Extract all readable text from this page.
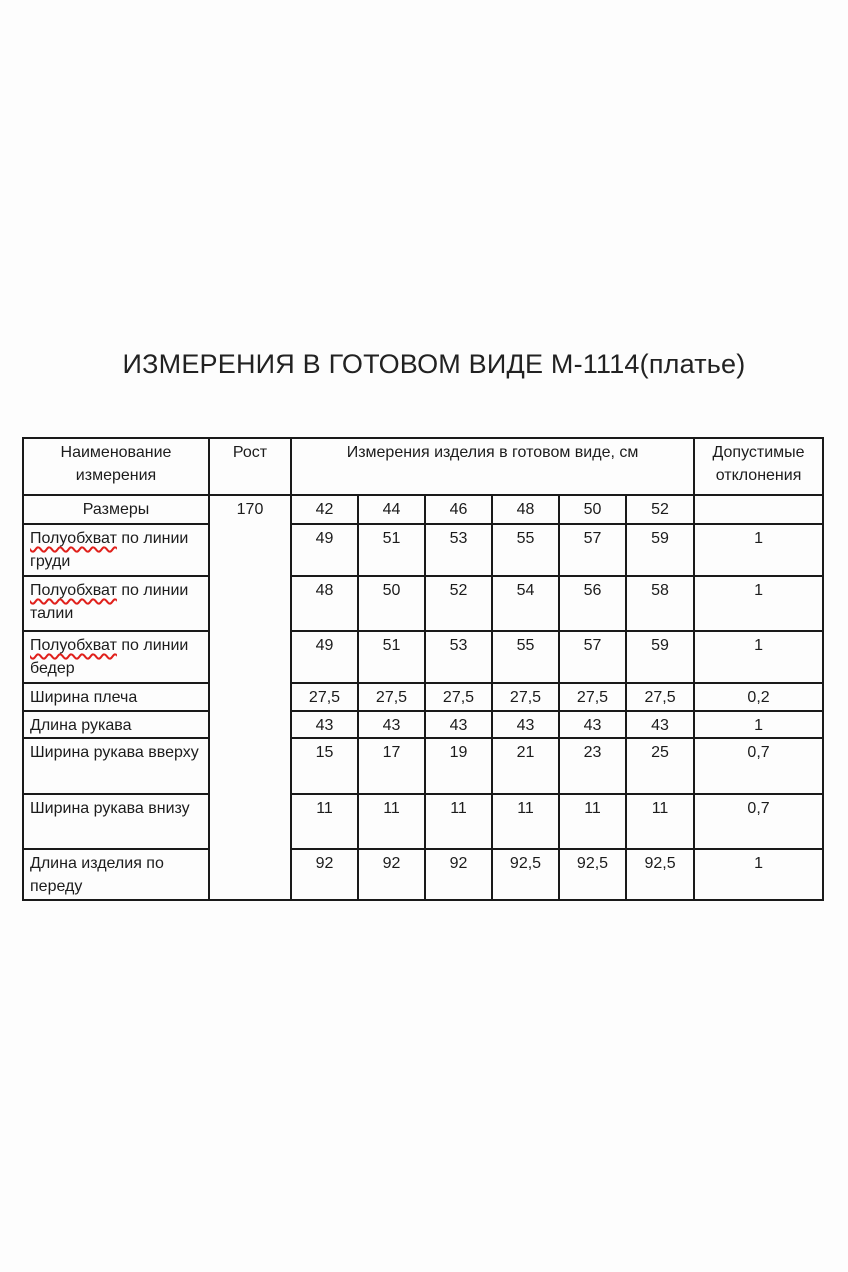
ИЗМЕРЕНИЯ В ГОТОВОМ ВИДЕ М-1114(платье)
Наименование измерения	Рост	Измерения изделия в готовом виде, см						Допустимые отклонения
Размеры	170	42	44	46	48	50	52	
Полуобхват по линии груди		49	51	53	55	57	59	1
Полуобхват по линии талии		48	50	52	54	56	58	1
Полуобхват по линии бедер		49	51	53	55	57	59	1
Ширина плеча		27,5	27,5	27,5	27,5	27,5	27,5	0,2
Длина рукава		43	43	43	43	43	43	1
Ширина рукава вверху		15	17	19	21	23	25	0,7
Ширина рукава внизу		11	11	11	11	11	11	0,7
Длина изделия по переду		92	92	92	92,5	92,5	92,5	1
